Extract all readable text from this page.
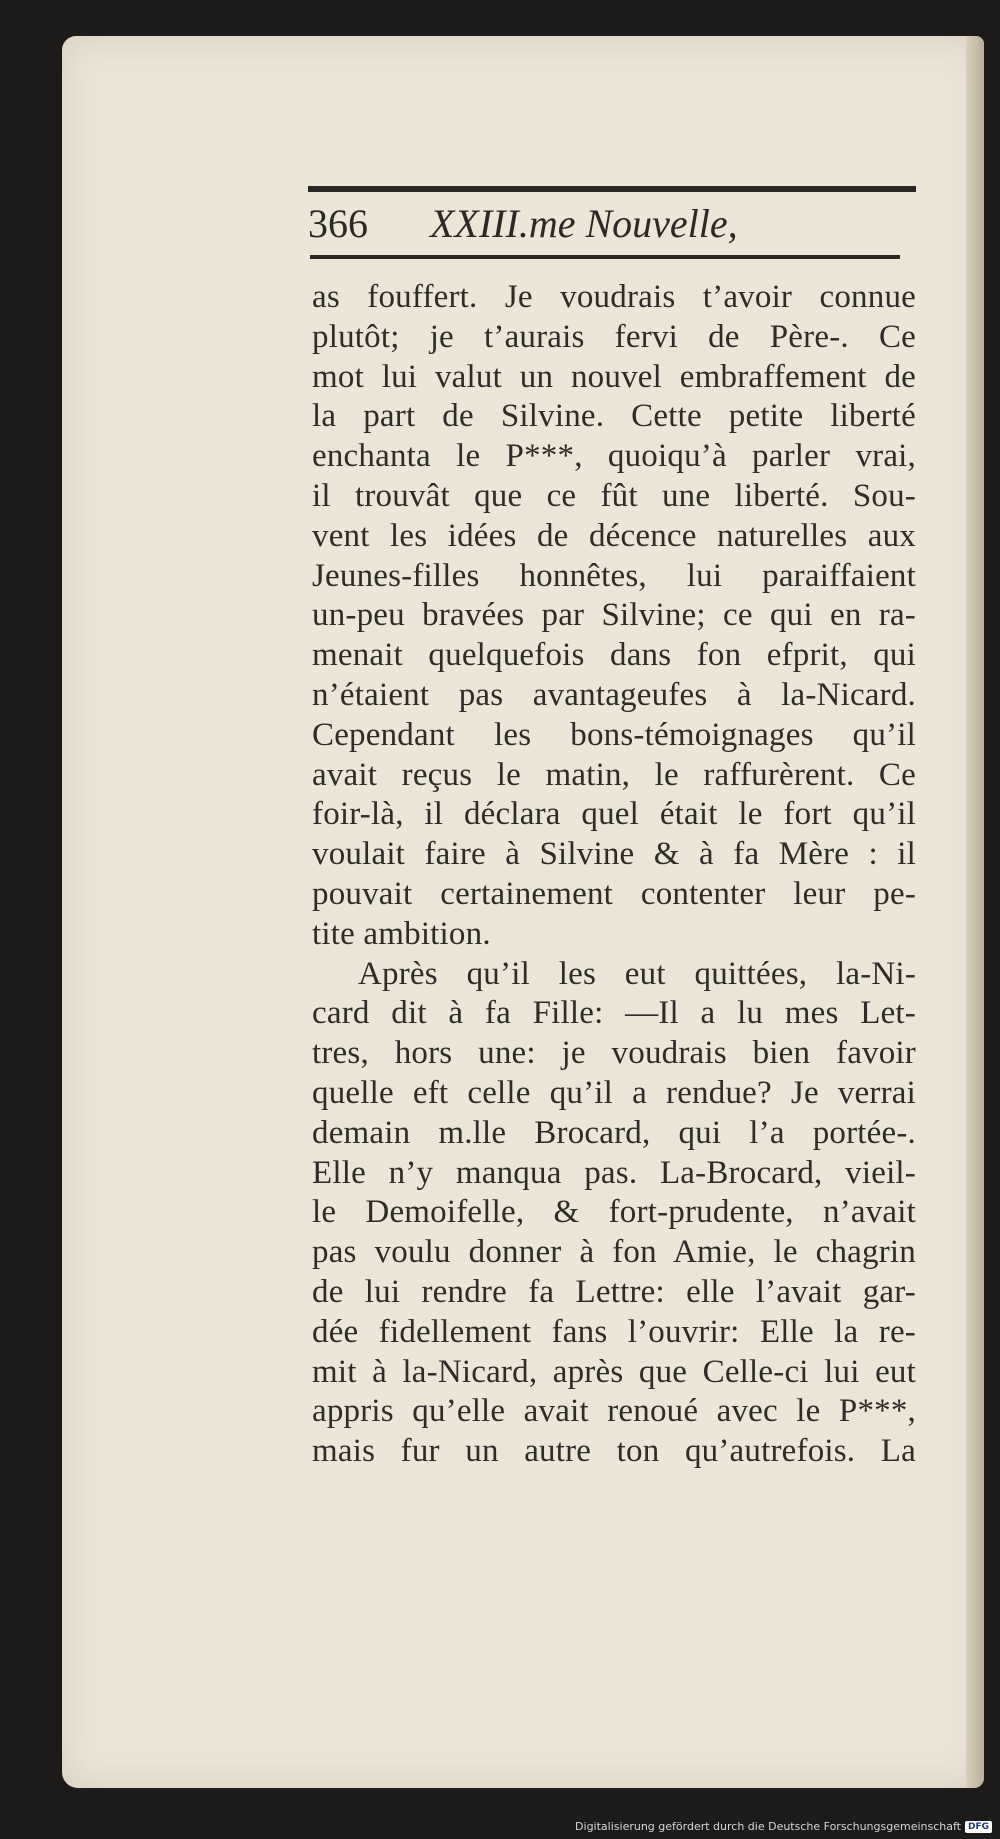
366 XXIII.me Nouvelle,
as fouffert. Je voudrais t’avoir connue
plutôt; je t’aurais fervi de Père-. Ce
mot lui valut un nouvel embraffement de
la part de Silvine. Cette petite liberté
enchanta le P***, quoiqu’à parler vrai,
il trouvât que ce fût une liberté. Sou-
vent les idées de décence naturelles aux
Jeunes-filles honnêtes, lui paraiffaient
un-peu bravées par Silvine; ce qui en ra-
menait quelquefois dans fon efprit, qui
n’étaient pas avantageufes à la-Nicard.
Cependant les bons-témoignages qu’il
avait reçus le matin, le raffurèrent. Ce
foir-là, il déclara quel était le fort qu’il
voulait faire à Silvine & à fa Mère : il
pouvait certainement contenter leur pe-
tite ambition.
Après qu’il les eut quittées, la-Ni-
card dit à fa Fille: —Il a lu mes Let-
tres, hors une: je voudrais bien favoir
quelle eft celle qu’il a rendue? Je verrai
demain m.lle Brocard, qui l’a portée-.
Elle n’y manqua pas. La-Brocard, vieil-
le Demoifelle, & fort-prudente, n’avait
pas voulu donner à fon Amie, le chagrin
de lui rendre fa Lettre: elle l’avait gar-
dée fidellement fans l’ouvrir: Elle la re-
mit à la-Nicard, après que Celle-ci lui eut
appris qu’elle avait renoué avec le P***,
mais fur un autre ton qu’autrefois. La
Digitalisierung gefördert durch die Deutsche Forschungsgemeinschaft DFG
